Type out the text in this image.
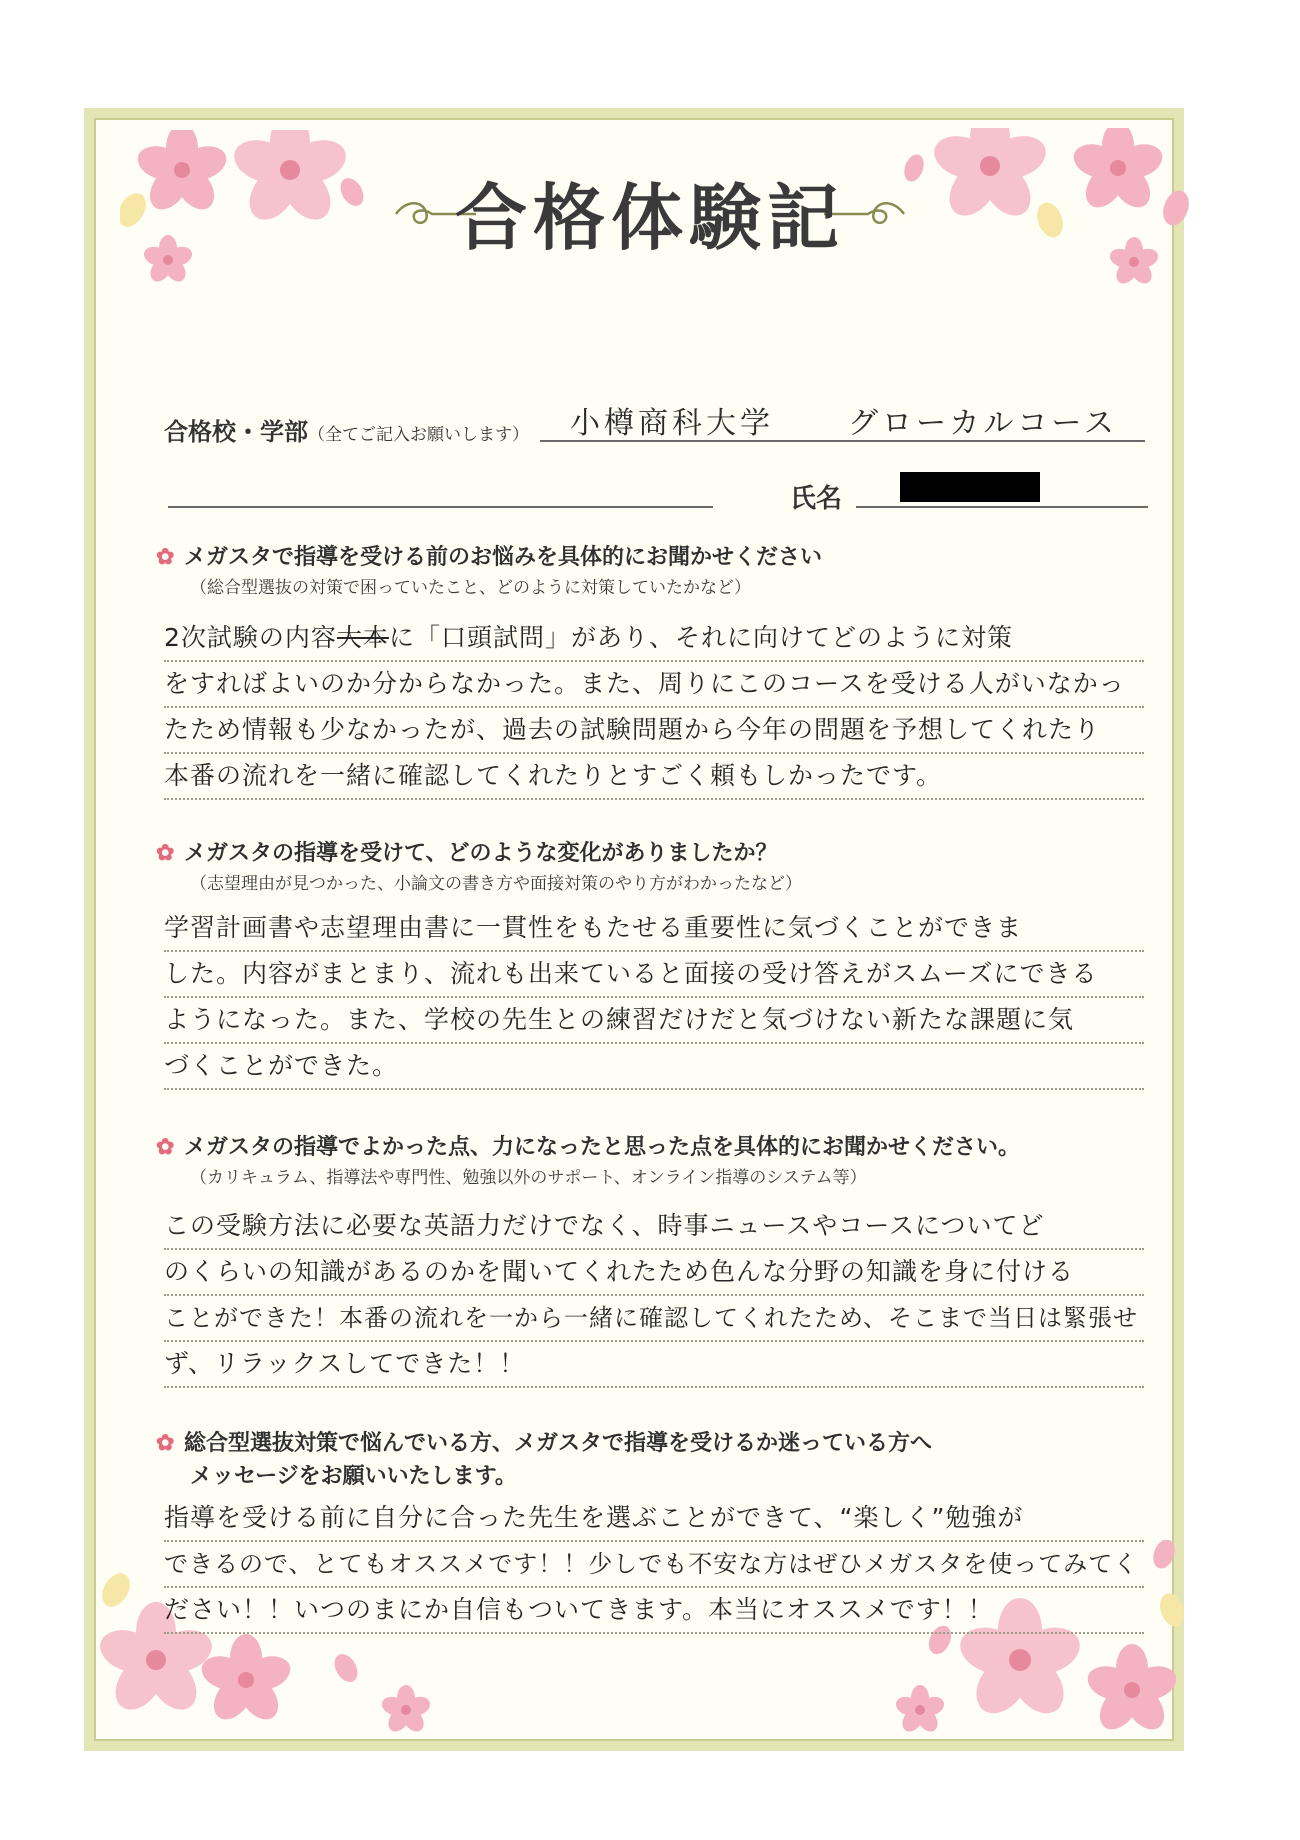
合格体験記
合格校・学部（全てご記入お願いします） 小樽商科大学 グローカルコース
氏名
✿ メガスタで指導を受ける前のお悩みを具体的にお聞かせください
（総合型選抜の対策で困っていたこと、どのように対策していたかなど）
2次試験の内容大本に「口頭試問」があり、それに向けてどのように対策
をすればよいのか分からなかった。また、周りにこのコースを受ける人がいなかっ
たため情報も少なかったが、過去の試験問題から今年の問題を予想してくれたり
本番の流れを一緒に確認してくれたりとすごく頼もしかったです。
✿ メガスタの指導を受けて、どのような変化がありましたか？
（志望理由が見つかった、小論文の書き方や面接対策のやり方がわかったなど）
学習計画書や志望理由書に一貫性をもたせる重要性に気づくことができま
した。内容がまとまり、流れも出来ていると面接の受け答えがスムーズにできる
ようになった。また、学校の先生との練習だけだと気づけない新たな課題に気
づくことができた。
✿ メガスタの指導でよかった点、力になったと思った点を具体的にお聞かせください。
（カリキュラム、指導法や専門性、勉強以外のサポート、オンライン指導のシステム等）
この受験方法に必要な英語力だけでなく、時事ニュースやコースについてど
のくらいの知識があるのかを聞いてくれたため色んな分野の知識を身に付ける
ことができた！本番の流れを一から一緒に確認してくれたため、そこまで当日は緊張せ
ず、リラックスしてできた！！
✿ 総合型選抜対策で悩んでいる方、メガスタで指導を受けるか迷っている方へ
メッセージをお願いいたします。
指導を受ける前に自分に合った先生を選ぶことができて、“楽しく”勉強が
できるので、とてもオススメです！！少しでも不安な方はぜひメガスタを使ってみてく
ださい！！いつのまにか自信もついてきます。本当にオススメです！！
